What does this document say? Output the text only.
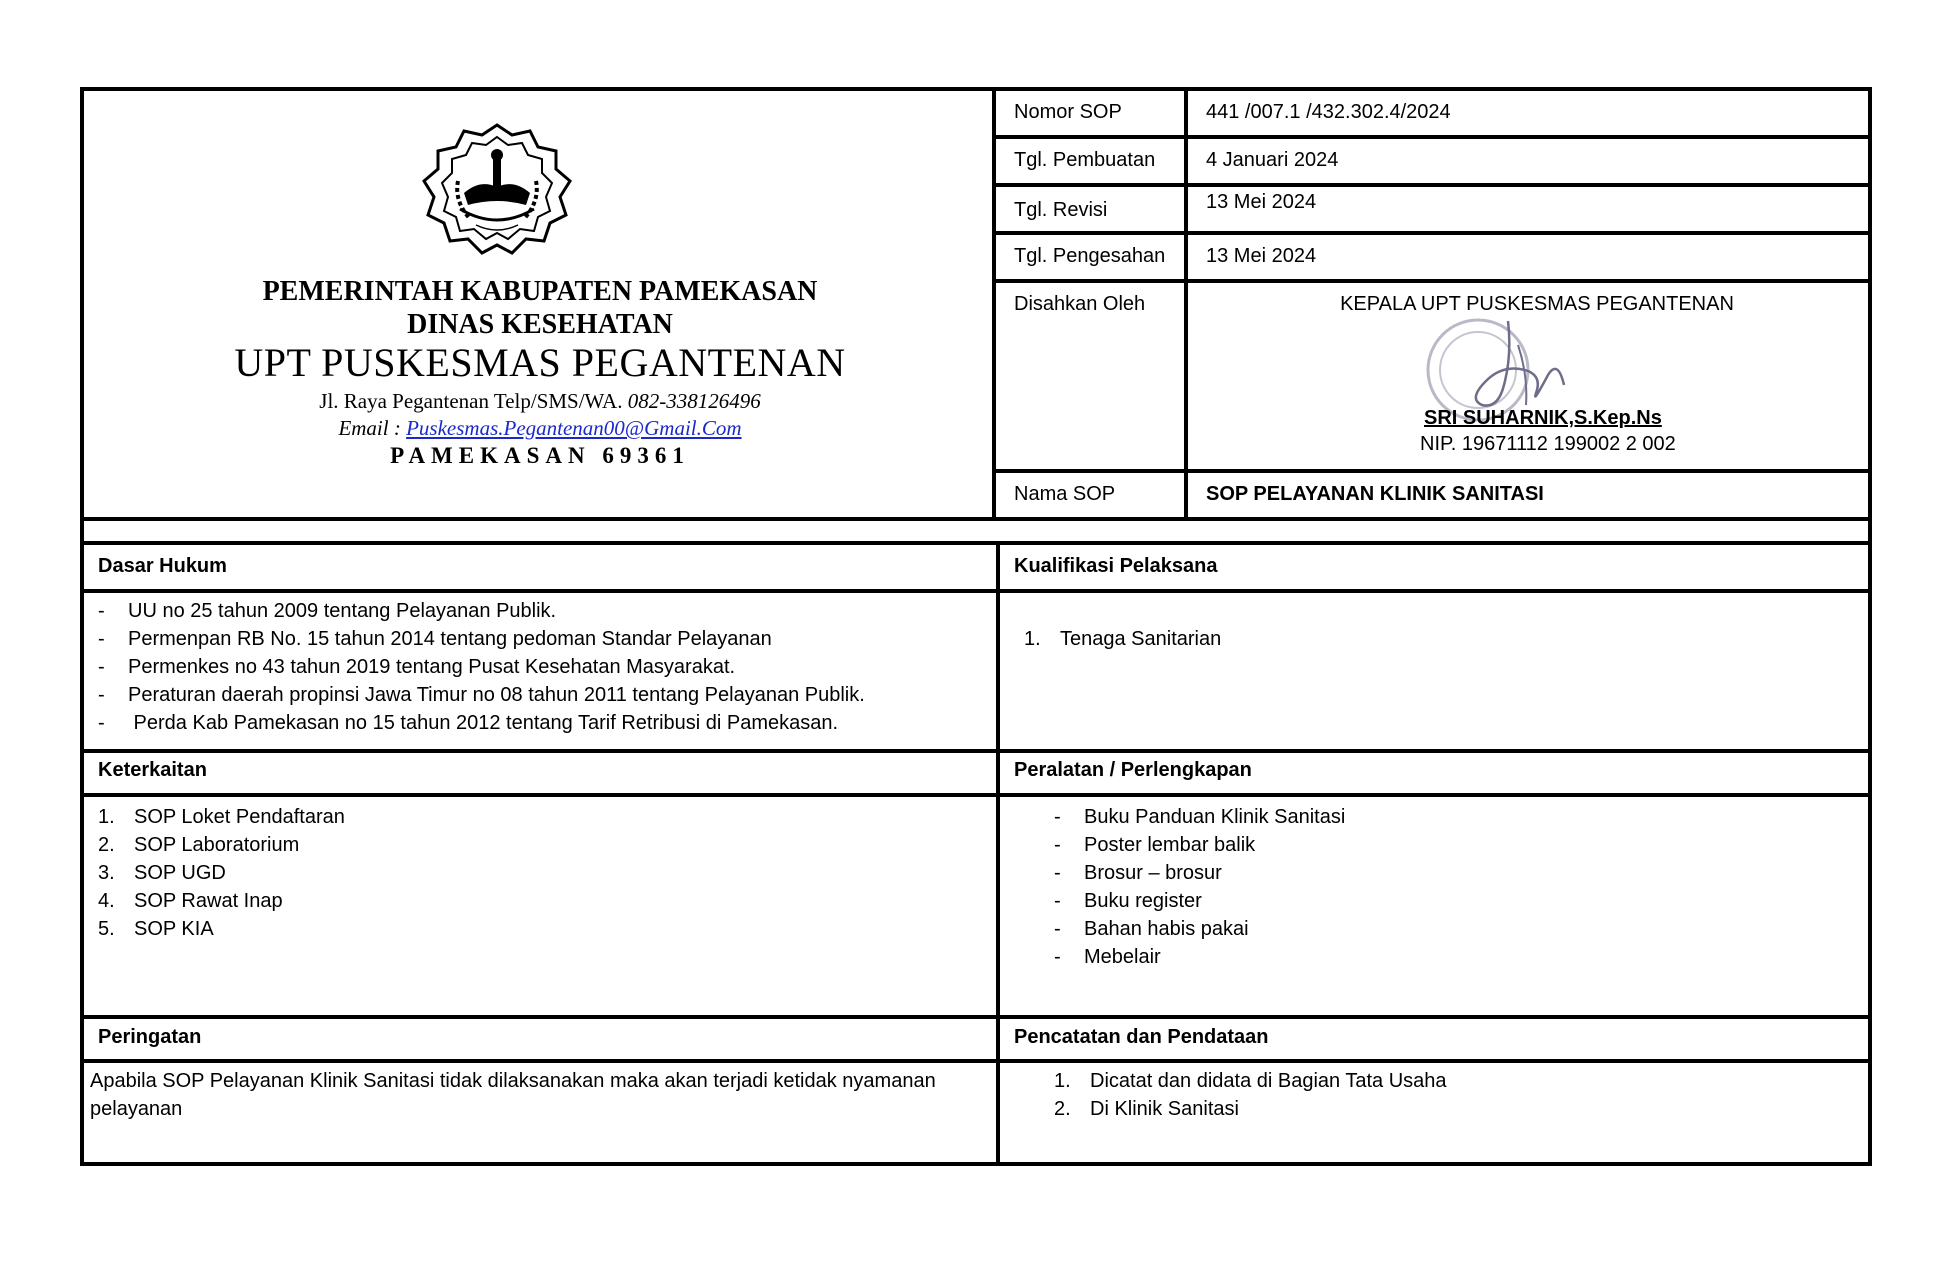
PEMERINTAH KABUPATEN PAMEKASAN
DINAS KESEHATAN
UPT PUSKESMAS PEGANTENAN
Jl. Raya Pegantenan Telp/SMS/WA. 082-338126496
Email : Puskesmas.Pegantenan00@Gmail.Com
PAMEKASAN 69361
Nomor SOP	441 /007.1 /432.302.4/2024
Tgl. Pembuatan	4 Januari 2024
Tgl. Revisi	13 Mei 2024
Tgl. Pengesahan	13 Mei 2024
Disahkan Oleh	KEPALA UPT PUSKESMAS PEGANTENAN
SRI SUHARNIK,S.Kep.Ns
NIP. 19671112 199002 2 002
Nama SOP	SOP PELAYANAN KLINIK SANITASI
Dasar Hukum	Kualifikasi Pelaksana
- UU no 25 tahun 2009 tentang Pelayanan Publik.
- Permenpan RB No. 15 tahun 2014 tentang pedoman Standar Pelayanan
- Permenkes no 43 tahun 2019 tentang Pusat Kesehatan Masyarakat.
- Peraturan daerah propinsi Jawa Timur no 08 tahun 2011 tentang Pelayanan Publik.
- Perda Kab Pamekasan no 15 tahun 2012 tentang Tarif Retribusi di Pamekasan.
1. Tenaga Sanitarian
Keterkaitan	Peralatan / Perlengkapan
1. SOP Loket Pendaftaran
2. SOP Laboratorium
3. SOP UGD
4. SOP Rawat Inap
5. SOP KIA
- Buku Panduan Klinik Sanitasi
- Poster lembar balik
- Brosur – brosur
- Buku register
- Bahan habis pakai
- Mebelair
Peringatan	Pencatatan dan Pendataan
Apabila SOP Pelayanan Klinik Sanitasi tidak dilaksanakan maka akan terjadi ketidak nyamanan
pelayanan
1. Dicatat dan didata di Bagian Tata Usaha
2. Di Klinik Sanitasi
